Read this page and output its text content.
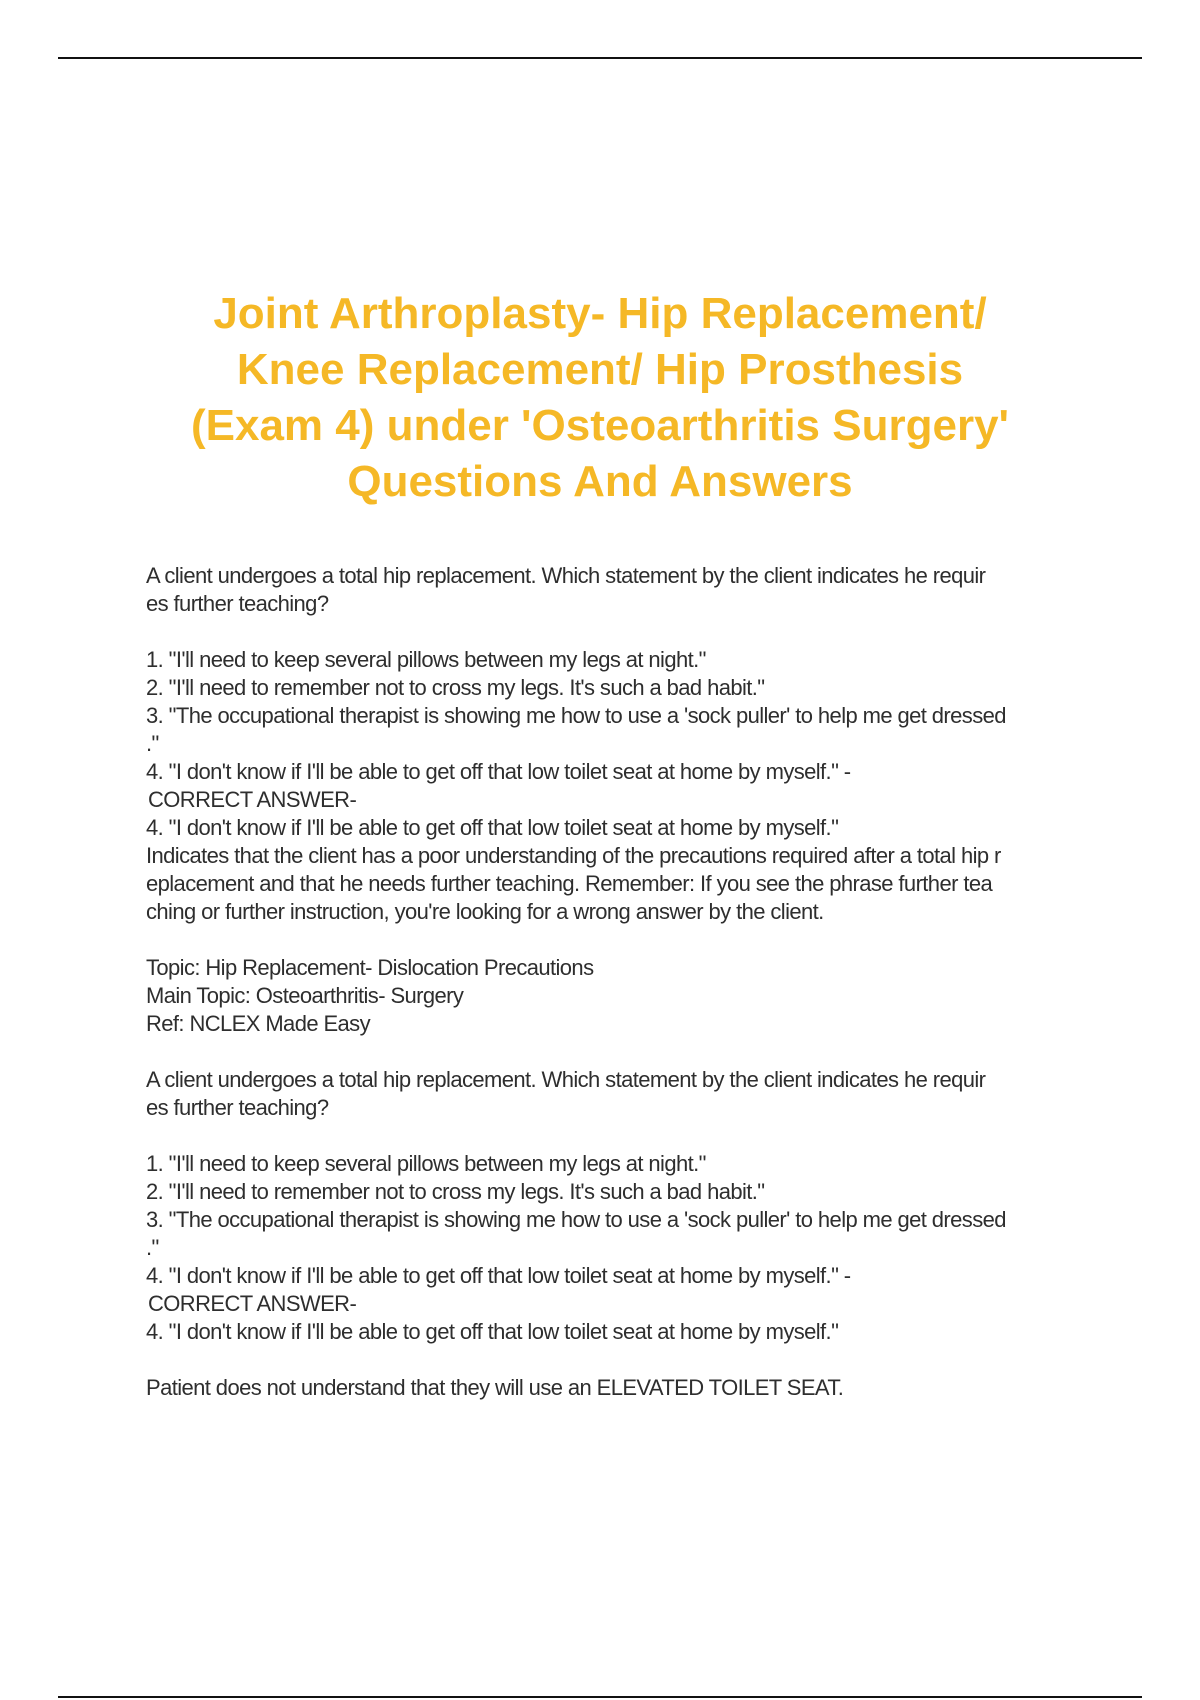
Joint Arthroplasty- Hip Replacement/
Knee Replacement/ Hip Prosthesis
(Exam 4) under 'Osteoarthritis Surgery'
Questions And Answers
A client undergoes a total hip replacement. Which statement by the client indicates he requir
es further teaching?
1. "I'll need to keep several pillows between my legs at night."
2. "I'll need to remember not to cross my legs. It's such a bad habit."
3. "The occupational therapist is showing me how to use a 'sock puller' to help me get dressed
."
4. "I don't know if I'll be able to get off that low toilet seat at home by myself." -
CORRECT ANSWER-
4. "I don't know if I'll be able to get off that low toilet seat at home by myself."
Indicates that the client has a poor understanding of the precautions required after a total hip r
eplacement and that he needs further teaching. Remember: If you see the phrase further tea
ching or further instruction, you're looking for a wrong answer by the client.
Topic: Hip Replacement- Dislocation Precautions
Main Topic: Osteoarthritis- Surgery
Ref: NCLEX Made Easy
A client undergoes a total hip replacement. Which statement by the client indicates he requir
es further teaching?
1. "I'll need to keep several pillows between my legs at night."
2. "I'll need to remember not to cross my legs. It's such a bad habit."
3. "The occupational therapist is showing me how to use a 'sock puller' to help me get dressed
."
4. "I don't know if I'll be able to get off that low toilet seat at home by myself." -
CORRECT ANSWER-
4. "I don't know if I'll be able to get off that low toilet seat at home by myself."
Patient does not understand that they will use an ELEVATED TOILET SEAT.
